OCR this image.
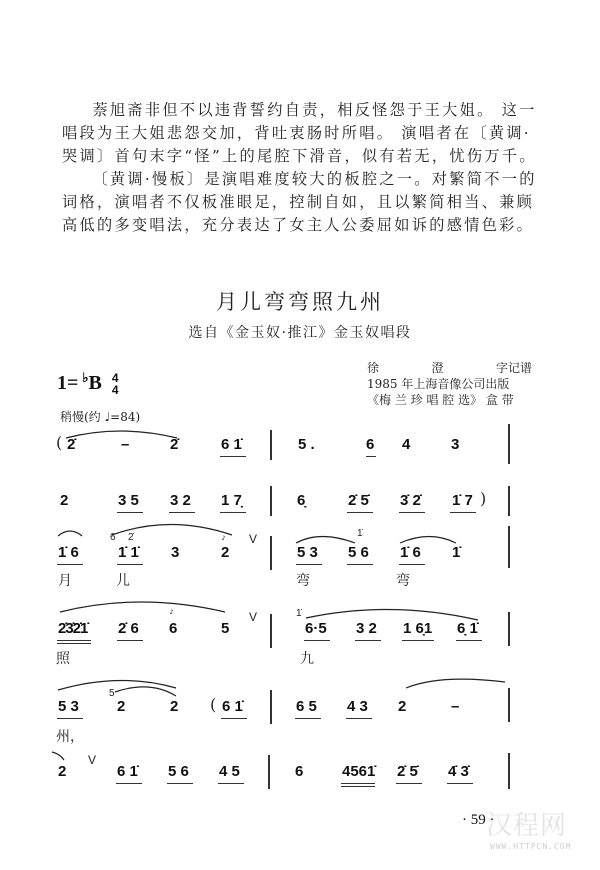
萘旭斋非但不以违背誓约自责，相反怪怨于王大姐。 这一唱段为王大姐悲怨交加，背吐衷肠时所唱。 演唱者在〔黄调·哭调〕首句末字“怪”上的尾腔下滑音，似有若无，忧伤万千。

〔黄调·慢板〕是演唱难度较大的板腔之一。对繁简不一的词格，演唱者不仅板准眼足，控制自如，且以繁简相当、兼顾高低的多变唱法，充分表达了女主人公委屈如诉的感情色彩。

月儿弯弯照九州
选自《金玉奴·推江》金玉奴唱段
徐	澄	字记谱
1985 年上海音像公司出版
《梅 兰 珍 唱 腔 选》 盒 带
1= ♭B 4
4
稍慢(约 ♩=84)
( 2̇	–	2̇	6 1̇	5 .	6 4	3
2	3 5 3 2 1 7̣	6̣	2̇ 5̇ 3̇ 2̇ 1̇ 7 )
1̇ 6
6
1̇ 1̇
2̇
3
𝆔
2
V
5 3
1̇
5 6 1̇ 6 1̇
月	儿	弯	弯
2̇3̇2̇1̇ 2̇ 6
𝆔
6	5
V	1̇
6·5 3 2 1 6̣1 6̣ 1̇
照	九
5 3
5
2	2 ( 6 1̇	6 5 4 3 2	–
州，
2
V
6 1̇ 5 6 4 5	6	4561̇ 2̇ 5̇ 4̇ 3̇
汉程网
WWW.HTTPCN.COM
· 59 ·
